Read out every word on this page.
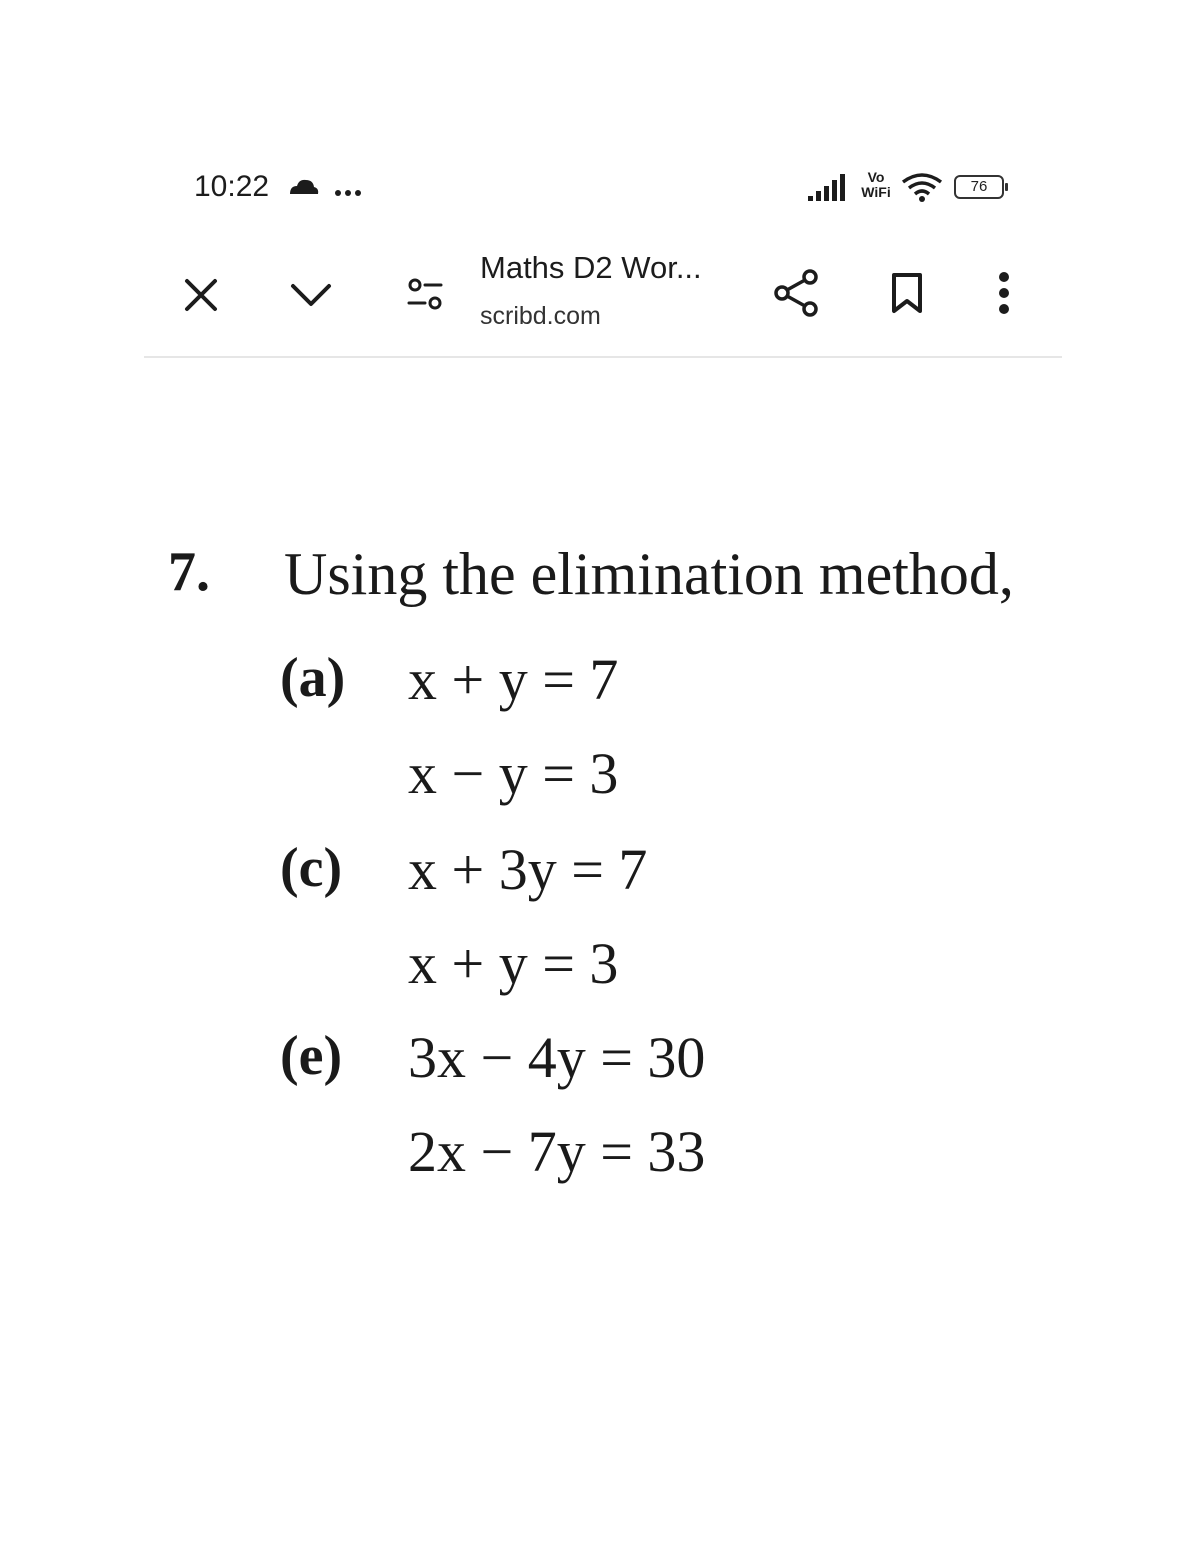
10:22	Vo
WiFi	76
Maths D2 Wor...
scribd.com
7. Using the elimination method,
(a) x + y = 7
x − y = 3
(c) x + 3y = 7
x + y = 3
(e) 3x − 4y = 30
2x − 7y = 33
